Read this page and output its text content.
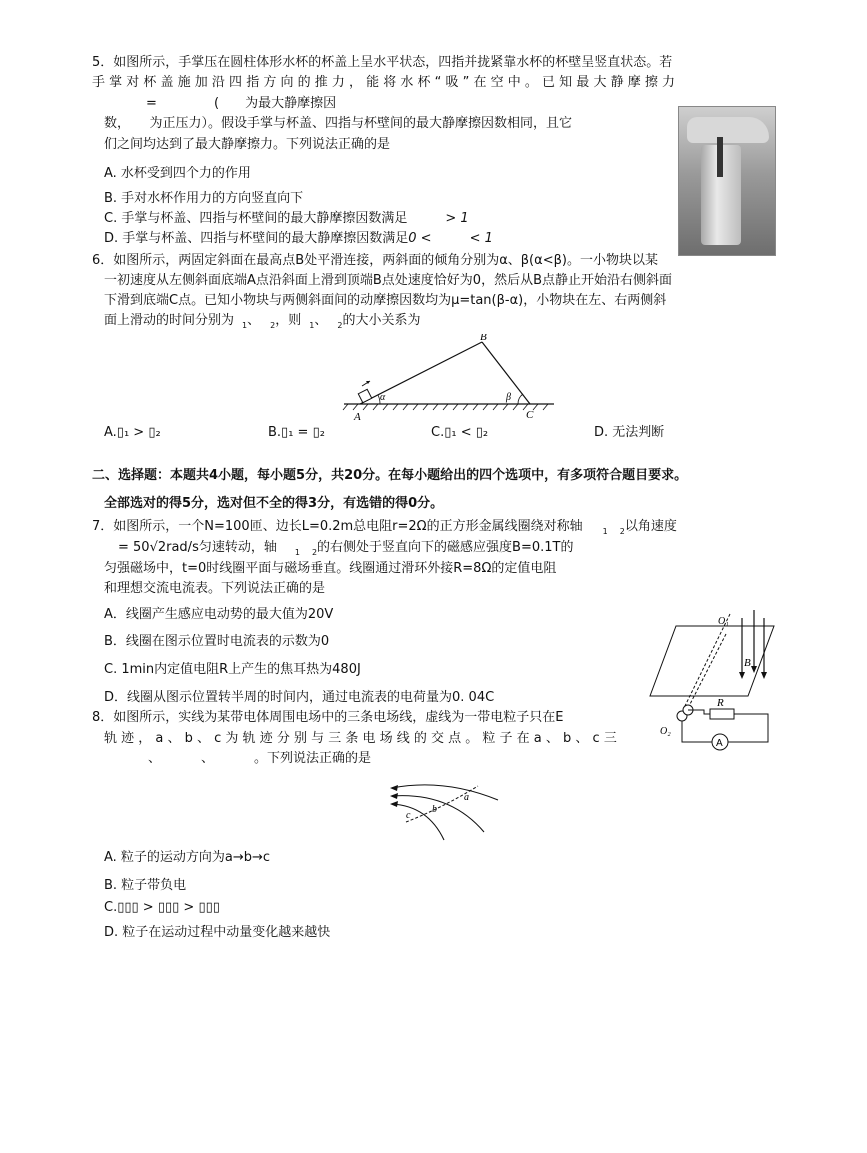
5．如图所示，手掌压在圆柱体形水杯的杯盖上呈水平状态，四指并拢紧靠水杯的杯壁呈竖直状态。若
手 掌 对 杯 盖 施 加 沿 四 指 方 向 的 推 力 ， 能 将 水 杯 “ 吸 ” 在 空 中 。 已 知 最 大 静 摩 擦 力
=	(　　为最大静摩擦因
数，　　为正压力）。假设手掌与杯盖、四指与杯壁间的最大静摩擦因数相同，且它
们之间均达到了最大静摩擦力。下列说法正确的是
A. 水杯受到四个力的作用
B. 手对水杯作用力的方向竖直向下
C. 手掌与杯盖、四指与杯壁间的最大静摩擦因数满足	> 1
D. 手掌与杯盖、四指与杯壁间的最大静摩擦因数满足0 <	< 1
6．如图所示，两固定斜面在最高点B处平滑连接，两斜面的倾角分别为α、β(α<β)。一小物块以某
一初速度从左侧斜面底端A点沿斜面上滑到顶端B点处速度恰好为0，然后从B点静止开始沿右侧斜面
下滑到底端C点。已知小物块与两侧斜面间的动摩擦因数均为μ=tan(β-α)，小物块在左、右两侧斜
面上滑动的时间分别为 $_1$、 $_2$，则 $_1$、 $_2$的大小关系为
A
B
C
α	β
A.▯₁ > ▯₂	B.▯₁ = ▯₂	C.▯₁ < ▯₂	D. 无法判断
二、选择题：本题共4小题，每小题5分，共20分。在每小题给出的四个选项中，有多项符合题目要求。
全部选对的得5分，选对但不全的得3分，有选错的得0分。
7．如图所示，一个N=100匝、边长L=0.2m总电阻r=2Ω的正方形金属线圈绕对称轴	$_1$ $_2$以角速度
= 50√2rad/s匀速转动，轴 $_1$ $_2$的右侧处于竖直向下的磁感应强度B=0.1T的
匀强磁场中，t=0时线圈平面与磁场垂直。线圈通过滑环外接R=8Ω的定值电阻
和理想交流电流表。下列说法正确的是
A．线圈产生感应电动势的最大值为20V
B．线圈在图示位置时电流表的示数为0
C. 1min内定值电阻R上产生的焦耳热为480J
D．线圈从图示位置转半周的时间内，通过电流表的电荷量为0. 04C
A
R
O₁
O₂
B
8．如图所示，实线为某带电体周围电场中的三条电场线，虚线为一带电粒子只在E
轨 迹 ， a 、 b 、 c 为 轨 迹 分 别 与 三 条 电 场 线 的 交 点 。 粒 子 在 a 、 b 、 c 三
、	、	。下列说法正确的是
a
b
c
A. 粒子的运动方向为a→b→c
B. 粒子带负电
C.▯▯▯ > ▯▯▯ > ▯▯▯
D. 粒子在运动过程中动量变化越来越快
